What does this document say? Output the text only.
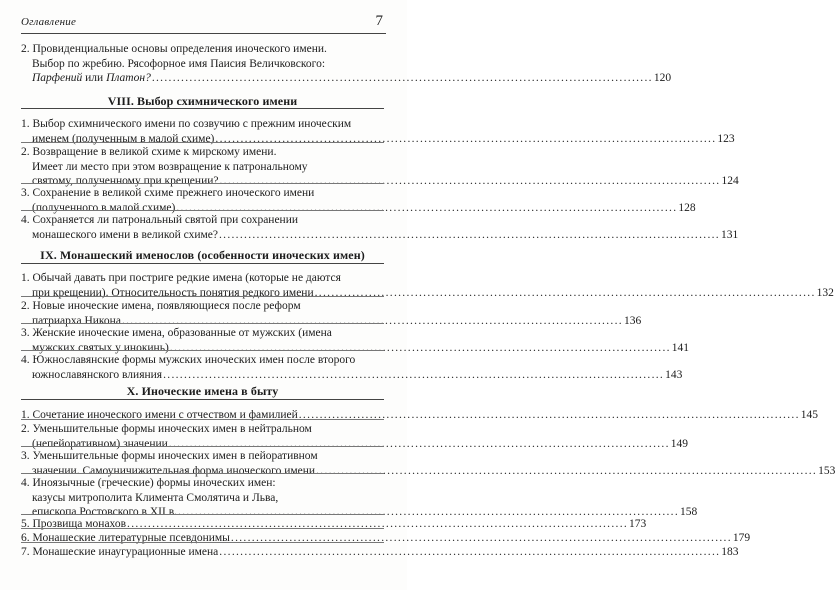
Оглавление	7
2. Провиденциальные основы определения иноческого имени.
Выбор по жребию. Рясофорное имя Паисия Величковского:
Парфений или Платон? ........................................................................................................................ 120
VIII. Выбор схимнического имени
1. Выбор схимнического имени по созвучию с прежним иноческим
именем (полученным в малой схиме) ........................................................................................................................ 123
2. Возвращение в великой схиме к мирскому имени.
Имеет ли место при этом возвращение к патрональному
святому, полученному при крещении? ........................................................................................................................ 124
3. Сохранение в великой схиме прежнего иноческого имени
(полученного в малой схиме) ........................................................................................................................ 128
4. Сохраняется ли патрональный святой при сохранении
монашеского имени в великой схиме? ........................................................................................................................ 131
IX. Монашеский именослов (особенности иноческих имен)
1. Обычай давать при постриге редкие имена (которые не даются
при крещении). Относительность понятия редкого имени ........................................................................................................................ 132
2. Новые иноческие имена, появляющиеся после реформ
патриарха Никона ........................................................................................................................ 136
3. Женские иноческие имена, образованные от мужских (имена
мужских святых у инокинь) ........................................................................................................................ 141
4. Южнославянские формы мужских иноческих имен после второго
южнославянского влияния ........................................................................................................................ 143
X. Иноческие имена в быту
1. Сочетание иноческого имени с отчеством и фамилией ........................................................................................................................ 145
2. Уменьшительные формы иноческих имен в нейтральном
(непейоративном) значении ........................................................................................................................ 149
3. Уменьшительные формы иноческих имен в пейоративном
значении. Самоуничижительная форма иноческого имени ........................................................................................................................ 153
4. Иноязычные (греческие) формы иноческих имен:
казусы митрополита Климента Смолятича и Льва,
епископа Ростовского в XII в. ........................................................................................................................ 158
5. Прозвища монахов ........................................................................................................................ 173
6. Монашеские литературные псевдонимы ........................................................................................................................ 179
7. Монашеские инаугурационные имена ........................................................................................................................ 183
